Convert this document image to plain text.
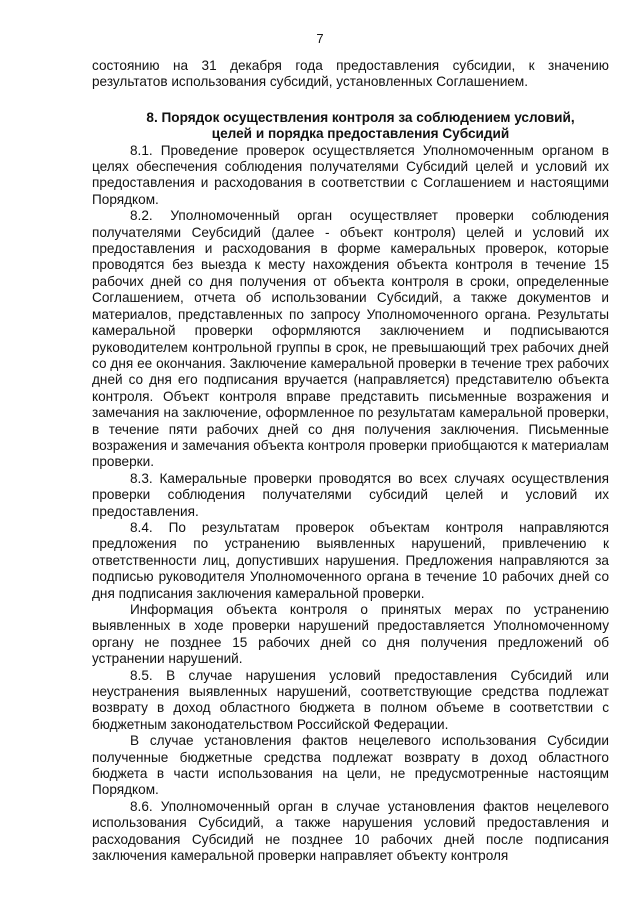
7

состоянию на 31 декабря года предоставления субсидии, к значению результатов использования субсидий, установленных Соглашением.

8. Порядок осуществления контроля за соблюдением условий,
целей и порядка предоставления Субсидий

8.1. Проведение проверок осуществляется Уполномоченным органом в целях обеспечения соблюдения получателями Субсидий целей и условий их предоставления и расходования в соответствии с Соглашением и настоящими Порядком.

8.2. Уполномоченный орган осуществляет проверки соблюдения получателями Сеубсидий (далее - объект контроля) целей и условий их предоставления и расходования в форме камеральных проверок, которые проводятся без выезда к месту нахождения объекта контроля в течение 15 рабочих дней со дня получения от объекта контроля в сроки, определенные Соглашением, отчета об использовании Субсидий, а также документов и материалов, представленных по запросу Уполномоченного органа. Результаты камеральной проверки оформляются заключением и подписываются руководителем контрольной группы в срок, не превышающий трех рабочих дней со дня ее окончания. Заключение камеральной проверки в течение трех рабочих дней со дня его подписания вручается (направляется) представителю объекта контроля. Объект контроля вправе представить письменные возражения и замечания на заключение, оформленное по результатам камеральной проверки, в течение пяти рабочих дней со дня получения заключения. Письменные возражения и замечания объекта контроля проверки приобщаются к материалам проверки.

8.3. Камеральные проверки проводятся во всех случаях осуществления проверки соблюдения получателями субсидий целей и условий их предоставления.

8.4. По результатам проверок объектам контроля направляются предложения по устранению выявленных нарушений, привлечению к ответственности лиц, допустивших нарушения. Предложения направляются за подписью руководителя Уполномоченного органа в течение 10 рабочих дней со дня подписания заключения камеральной проверки.

Информация объекта контроля о принятых мерах по устранению выявленных в ходе проверки нарушений предоставляется Уполномоченному органу не позднее 15 рабочих дней со дня получения предложений об устранении нарушений.

8.5. В случае нарушения условий предоставления Субсидий или неустранения выявленных нарушений, соответствующие средства подлежат возврату в доход областного бюджета в полном объеме в соответствии с бюджетным законодательством Российской Федерации.

В случае установления фактов нецелевого использования Субсидии полученные бюджетные средства подлежат возврату в доход областного бюджета в части использования на цели, не предусмотренные настоящим Порядком.

8.6. Уполномоченный орган в случае установления фактов нецелевого использования Субсидий, а также нарушения условий предоставления и расходования Субсидий не позднее 10 рабочих дней после подписания заключения камеральной проверки направляет объекту контроля
